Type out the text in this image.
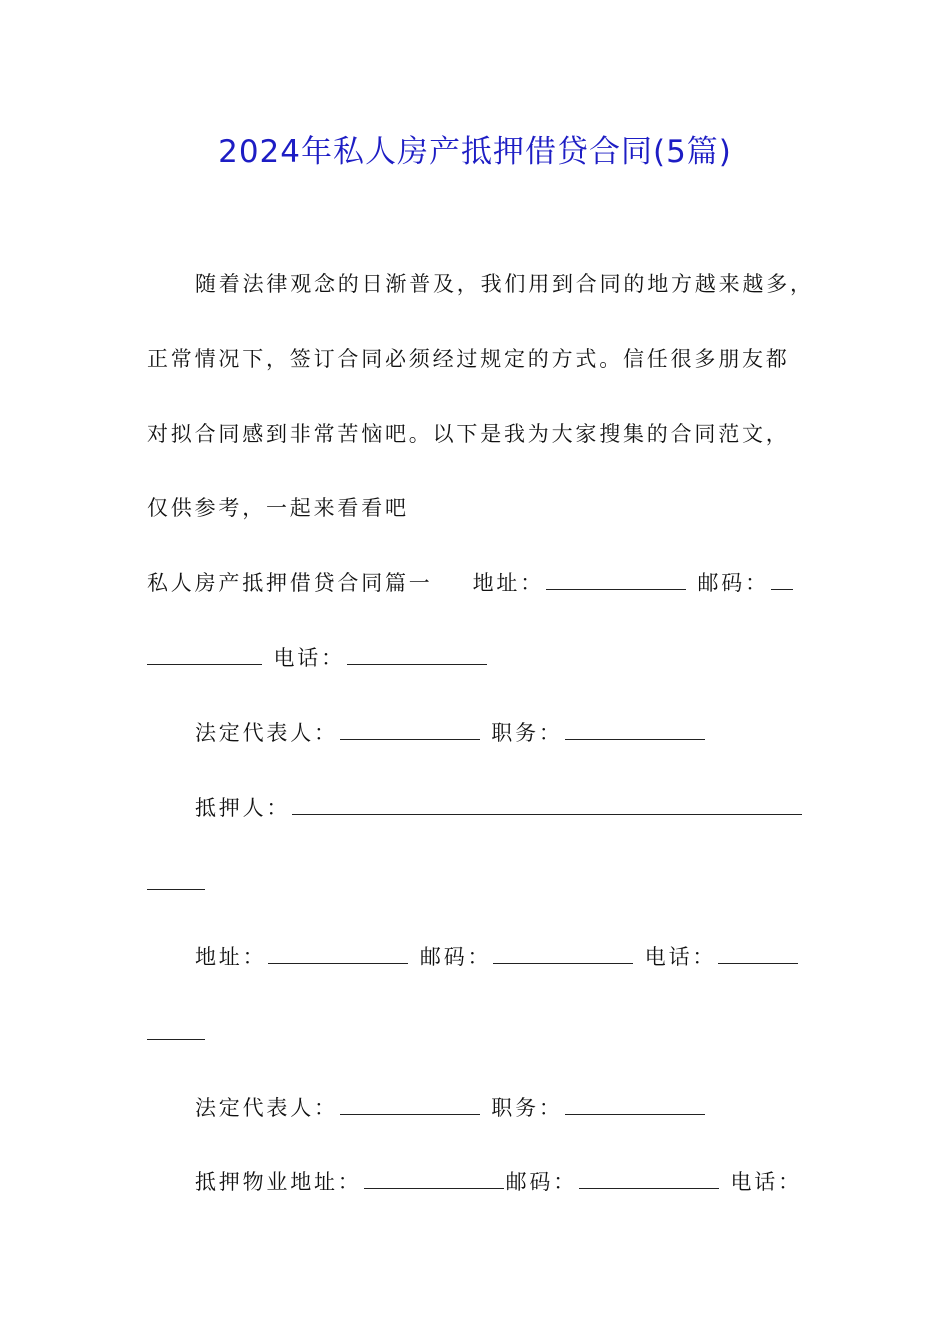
2024年私人房产抵押借贷合同(5篇)
随着法律观念的日渐普及，我们用到合同的地方越来越多，
正常情况下，签订合同必须经过规定的方式。信任很多朋友都
对拟合同感到非常苦恼吧。以下是我为大家搜集的合同范文，
仅供参考，一起来看看吧
私人房产抵押借贷合同篇一 地址：	邮码：
电话：
法定代表人：	职务：
抵押人：
地址：	邮码：	电话：
法定代表人：	职务：
抵押物业地址：	邮码：	电话：
